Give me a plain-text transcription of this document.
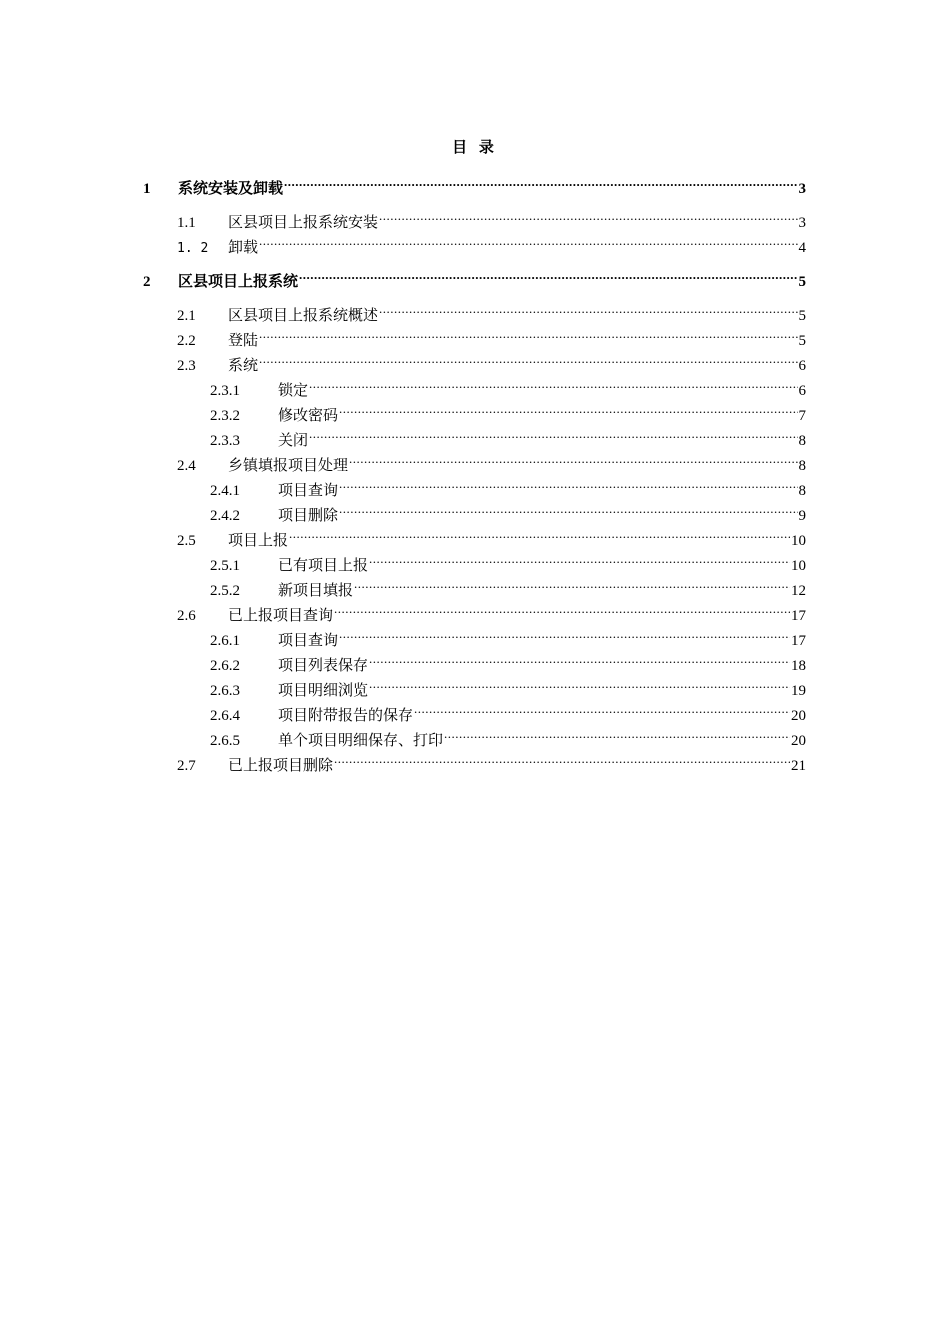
目 录
1	系统安装及卸载 .....	3
1.1	区县项目上报系统安装 .....	3
1. 2	卸载 .....	4
2	区县项目上报系统 .....	5
2.1	区县项目上报系统概述 .....	5
2.2	登陆 .....	5
2.3	系统 .....	6
2.3.1	锁定 .....	6
2.3.2	修改密码 .....	7
2.3.3	关闭 .....	8
2.4	乡镇填报项目处理 .....	8
2.4.1	项目查询 .....	8
2.4.2	项目删除 .....	9
2.5	项目上报 .....	10
2.5.1	已有项目上报 .....	10
2.5.2	新项目填报 .....	12
2.6	已上报项目查询 .....	17
2.6.1	项目查询 .....	17
2.6.2	项目列表保存 .....	18
2.6.3	项目明细浏览 .....	19
2.6.4	项目附带报告的保存 .....	20
2.6.5	单个项目明细保存、打印 .....	20
2.7	已上报项目删除 .....	21
